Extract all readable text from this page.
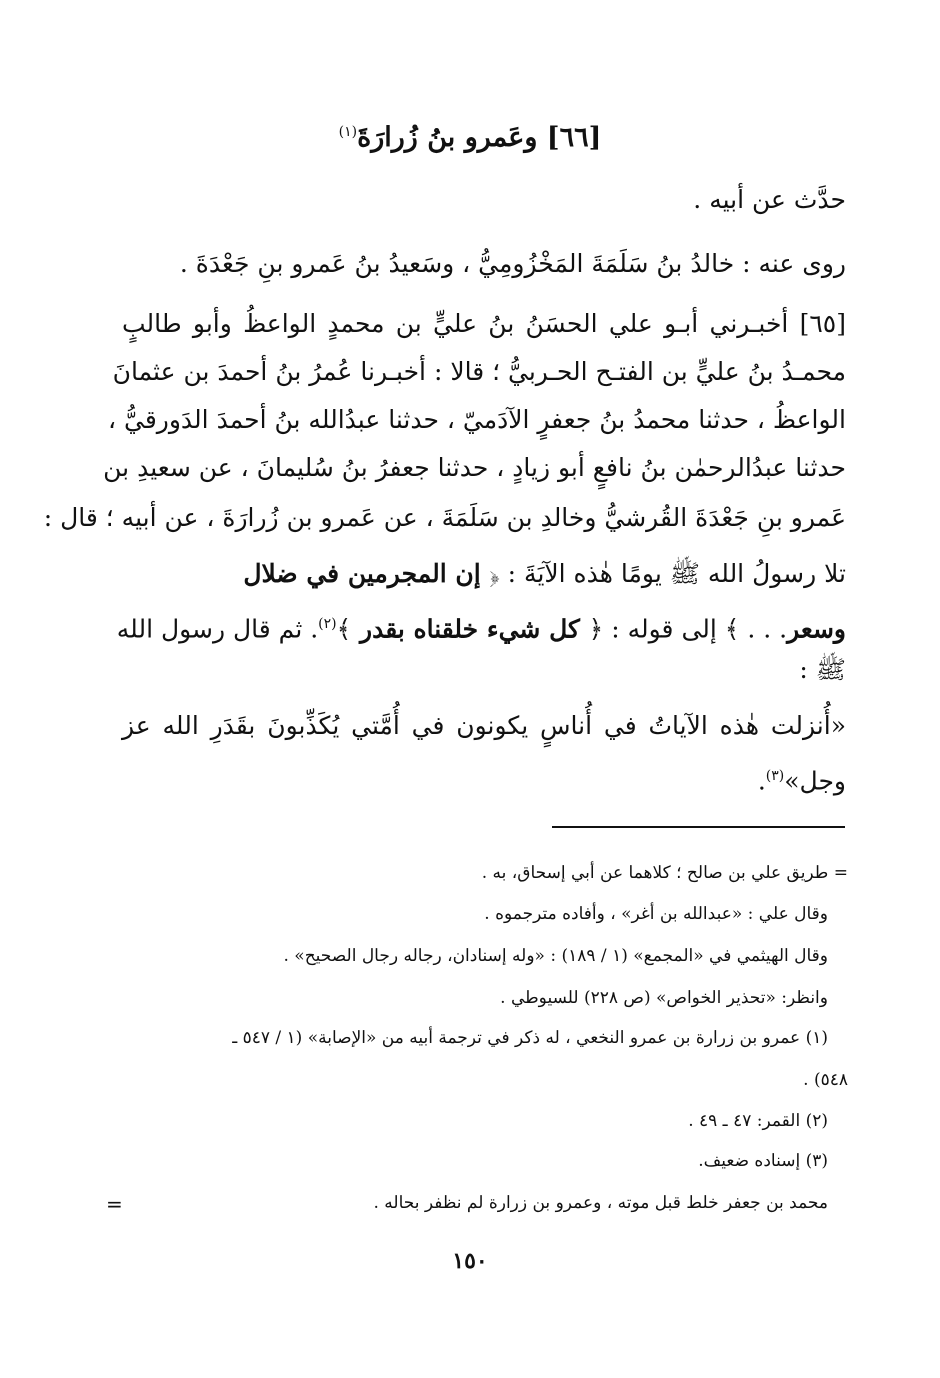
[٦٦] وعَمرو بنُ زُرارَةَ$^{(١)}$
حدَّث عن أبيه .
روى عنه : خالدُ بنُ سَلَمَةَ المَخْزُومِيُّ ، وسَعيدُ بنُ عَمرو بنِ جَعْدَةَ .
[٦٥] أخبـرني أبـو علي الحسَنُ بنُ عليٍّ بن محمدٍ الواعظُ وأبو طالبٍ
محمـدُ بنُ عليٍّ بن الفتـح الحـربيُّ ؛ قالا : أخبـرنا عُمرُ بنُ أحمدَ بن عثمانَ
الواعظُ ، حدثنا محمدُ بنُ جعفرٍ الآدَميّ ، حدثنا عبدُالله بنُ أحمدَ الدَورقيُّ ،
حدثنا عبدُالرحمٰن بنُ نافعٍ أبو زيادٍ ، حدثنا جعفرُ بنُ سُليمانَ ، عن سعيدِ بن
عَمرو بنِ جَعْدَةَ القُرشيُّ وخالدِ بن سَلَمَةَ ، عن عَمرو بن زُرارَةَ ، عن أبيه ؛ قال :
تلا رسولُ الله ﷺ يومًا هٰذه الآيَةَ : ﴿ إن المجرمين في ضلال
وسعر. . . ﴾ إلى قوله : ﴿ كل شيء خلقناه بقدر ﴾$^{(٢)}$. ثم قال رسول الله
ﷺ :
«أُنزلت هٰذه الآياتُ في أُناسٍ يكونون في أُمَّتي يُكَذِّبونَ بقَدَرِ الله عز
وجل»$^{(٣)}$.
= طريق علي بن صالح ؛ كلاهما عن أبي إسحاق، به .
وقال علي : «عبدالله بن أغر» ، وأفاده مترجموه .
وقال الهيثمي في «المجمع» (١ / ١٨٩) : «وله إسنادان، رجاله رجال الصحيح» .
وانظر: «تحذير الخواص» (ص ٢٢٨) للسيوطي .
(١) عمرو بن زرارة بن عمرو النخعي ، له ذكر في ترجمة أبيه من «الإصابة» (١ / ٥٤٧ ـ
٥٤٨) .
(٢) القمر: ٤٧ ـ ٤٩ .
(٣) إسناده ضعيف.
محمد بن جعفر خلط قبل موته ، وعمرو بن زرارة لم نظفر بحاله .
=
١٥٠
